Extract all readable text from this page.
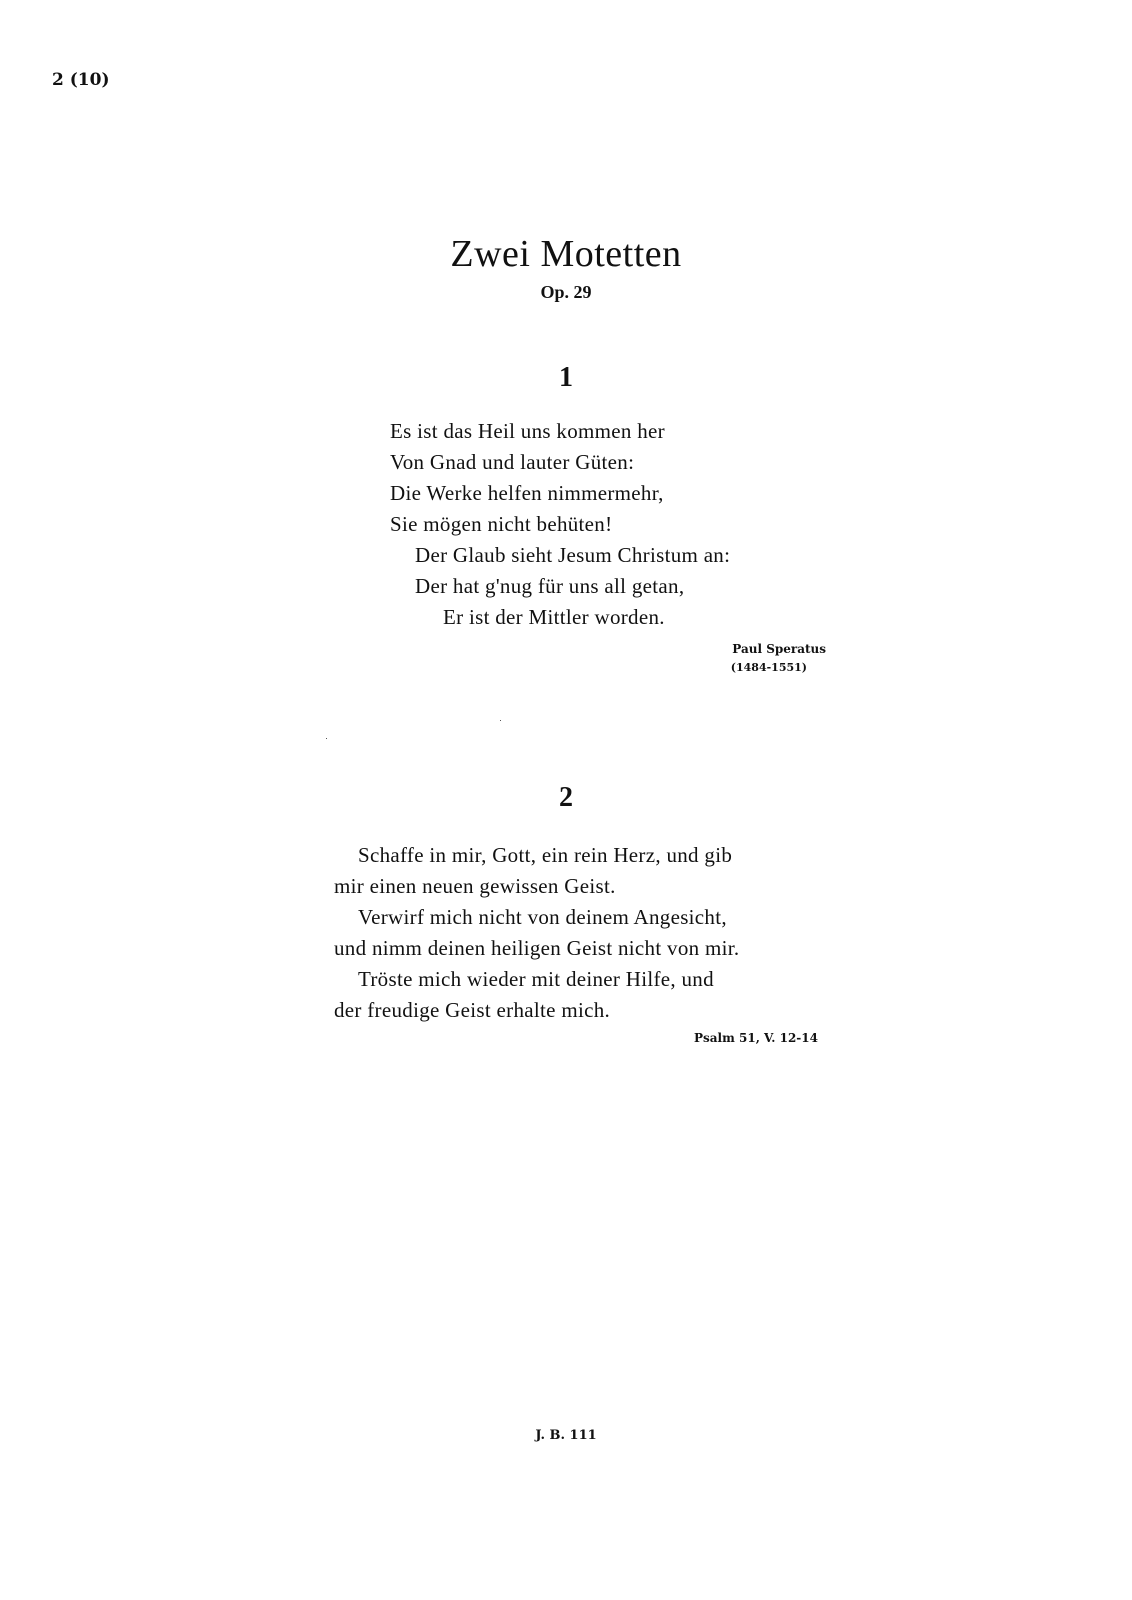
2 (10)
Zwei Motetten
Op. 29
1
Es ist das Heil uns kommen her
Von Gnad und lauter Güten:
Die Werke helfen nimmermehr,
Sie mögen nicht behüten!
Der Glaub sieht Jesum Christum an:
Der hat g'nug für uns all getan,
Er ist der Mittler worden.
Paul Speratus
(1484-1551)
2
Schaffe in mir, Gott, ein rein Herz, und gib
mir einen neuen gewissen Geist.
Verwirf mich nicht von deinem Angesicht,
und nimm deinen heiligen Geist nicht von mir.
Tröste mich wieder mit deiner Hilfe, und
der freudige Geist erhalte mich.
Psalm 51, V. 12-14
J. B. 111
